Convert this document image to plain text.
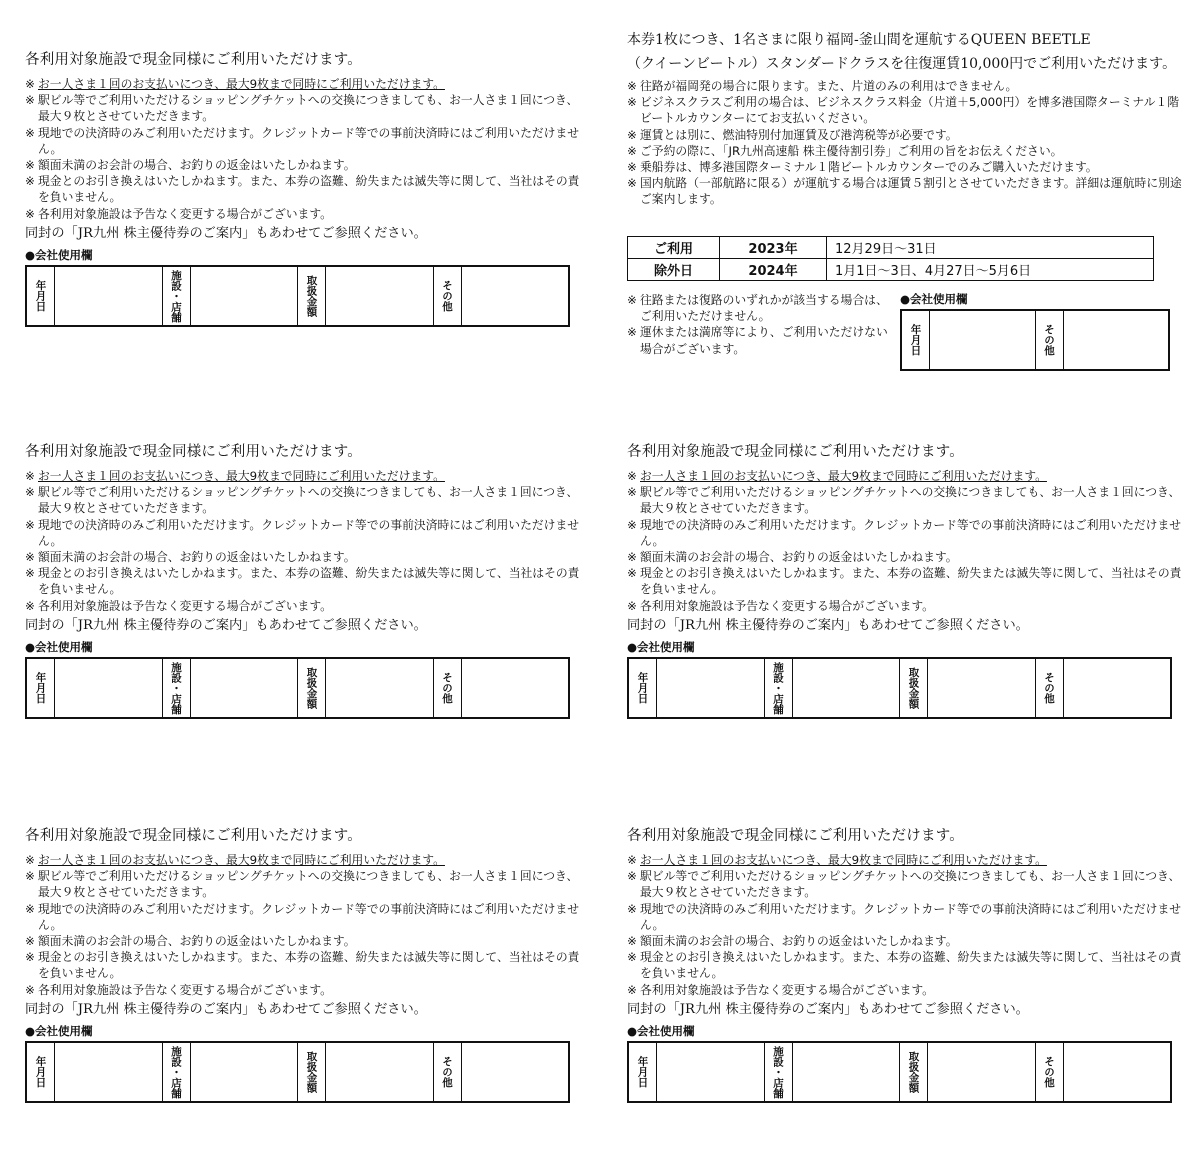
各利用対象施設で現金同様にご利用いただけます。
※ お一人さま１回のお支払いにつき、最大9枚まで同時にご利用いただけます。
※ 駅ビル等でご利用いただけるショッピングチケットへの交換につきましても、お一人さま１回につき、最大９枚とさせていただきます。
※ 現地での決済時のみご利用いただけます。クレジットカード等での事前決済時にはご利用いただけません。
※ 額面未満のお会計の場合、お釣りの返金はいたしかねます。
※ 現金とのお引き換えはいたしかねます。また、本券の盗難、紛失または滅失等に関して、当社はその責を負いません。
※ 各利用対象施設は予告なく変更する場合がございます。
同封の「JR九州 株主優待券のご案内」もあわせてご参照ください。
●会社使用欄
年月日	施設・店舗	取扱金額	その他
本券1枚につき、1名さまに限り福岡-釜山間を運航するQUEEN BEETLE
（クイーンビートル）スタンダードクラスを往復運賃10,000円でご利用いただけます。
※ 往路が福岡発の場合に限ります。また、片道のみの利用はできません。
※ ビジネスクラスご利用の場合は、ビジネスクラス料金（片道＋5,000円）を博多港国際ターミナル１階ビートルカウンターにてお支払いください。
※ 運賃とは別に、燃油特別付加運賃及び港湾税等が必要です。
※ ご予約の際に、「JR九州高速船 株主優待割引券」ご利用の旨をお伝えください。
※ 乗船券は、博多港国際ターミナル１階ビートルカウンターでのみご購入いただけます。
※ 国内航路（一部航路に限る）が運航する場合は運賃５割引とさせていただきます。詳細は運航時に別途ご案内します。
ご利用	2023年	12月29日～31日
除外日	2024年	1月1日～3日、4月27日～5月6日
※ 往路または復路のいずれかが該当する場合は、ご利用いただけません。
※ 運休または満席等により、ご利用いただけない場合がございます。
●会社使用欄
年月日	その他
各利用対象施設で現金同様にご利用いただけます。
※ お一人さま１回のお支払いにつき、最大9枚まで同時にご利用いただけます。
※ 駅ビル等でご利用いただけるショッピングチケットへの交換につきましても、お一人さま１回につき、最大９枚とさせていただきます。
※ 現地での決済時のみご利用いただけます。クレジットカード等での事前決済時にはご利用いただけません。
※ 額面未満のお会計の場合、お釣りの返金はいたしかねます。
※ 現金とのお引き換えはいたしかねます。また、本券の盗難、紛失または滅失等に関して、当社はその責を負いません。
※ 各利用対象施設は予告なく変更する場合がございます。
同封の「JR九州 株主優待券のご案内」もあわせてご参照ください。
●会社使用欄
年月日	施設・店舗	取扱金額	その他
各利用対象施設で現金同様にご利用いただけます。
※ お一人さま１回のお支払いにつき、最大9枚まで同時にご利用いただけます。
※ 駅ビル等でご利用いただけるショッピングチケットへの交換につきましても、お一人さま１回につき、最大９枚とさせていただきます。
※ 現地での決済時のみご利用いただけます。クレジットカード等での事前決済時にはご利用いただけません。
※ 額面未満のお会計の場合、お釣りの返金はいたしかねます。
※ 現金とのお引き換えはいたしかねます。また、本券の盗難、紛失または滅失等に関して、当社はその責を負いません。
※ 各利用対象施設は予告なく変更する場合がございます。
同封の「JR九州 株主優待券のご案内」もあわせてご参照ください。
●会社使用欄
年月日	施設・店舗	取扱金額	その他
各利用対象施設で現金同様にご利用いただけます。
※ お一人さま１回のお支払いにつき、最大9枚まで同時にご利用いただけます。
※ 駅ビル等でご利用いただけるショッピングチケットへの交換につきましても、お一人さま１回につき、最大９枚とさせていただきます。
※ 現地での決済時のみご利用いただけます。クレジットカード等での事前決済時にはご利用いただけません。
※ 額面未満のお会計の場合、お釣りの返金はいたしかねます。
※ 現金とのお引き換えはいたしかねます。また、本券の盗難、紛失または滅失等に関して、当社はその責を負いません。
※ 各利用対象施設は予告なく変更する場合がございます。
同封の「JR九州 株主優待券のご案内」もあわせてご参照ください。
●会社使用欄
年月日	施設・店舗	取扱金額	その他
各利用対象施設で現金同様にご利用いただけます。
※ お一人さま１回のお支払いにつき、最大9枚まで同時にご利用いただけます。
※ 駅ビル等でご利用いただけるショッピングチケットへの交換につきましても、お一人さま１回につき、最大９枚とさせていただきます。
※ 現地での決済時のみご利用いただけます。クレジットカード等での事前決済時にはご利用いただけません。
※ 額面未満のお会計の場合、お釣りの返金はいたしかねます。
※ 現金とのお引き換えはいたしかねます。また、本券の盗難、紛失または滅失等に関して、当社はその責を負いません。
※ 各利用対象施設は予告なく変更する場合がございます。
同封の「JR九州 株主優待券のご案内」もあわせてご参照ください。
●会社使用欄
年月日	施設・店舗	取扱金額	その他
